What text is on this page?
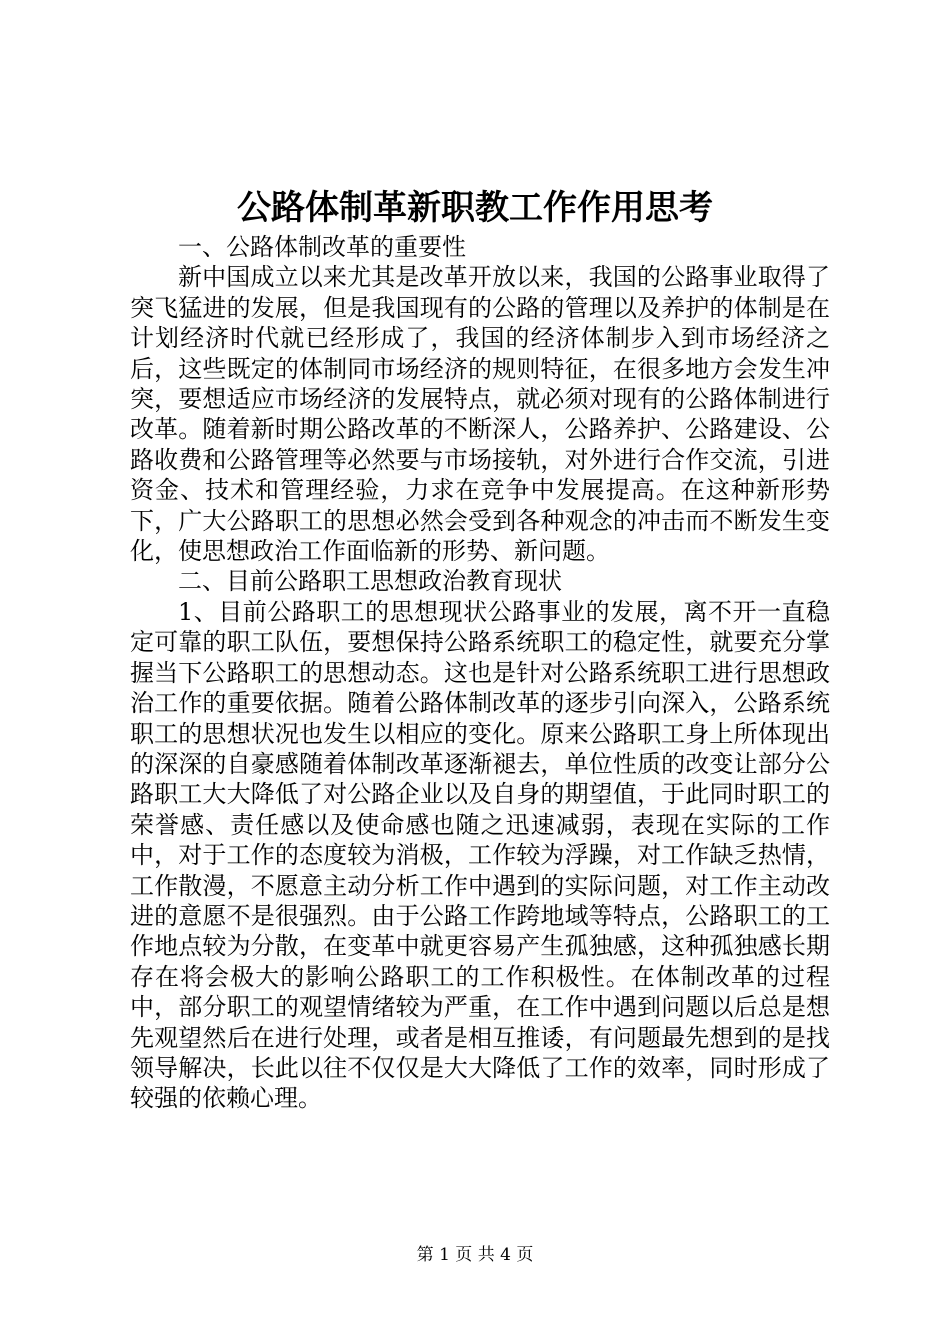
公路体制革新职教工作作用思考

一、公路体制改革的重要性

新中国成立以来尤其是改革开放以来，我国的公路事业取得了突飞猛进的发展，但是我国现有的公路的管理以及养护的体制是在计划经济时代就已经形成了，我国的经济体制步入到市场经济之后，这些既定的体制同市场经济的规则特征，在很多地方会发生冲突，要想适应市场经济的发展特点，就必须对现有的公路体制进行改革。随着新时期公路改革的不断深人，公路养护、公路建设、公路收费和公路管理等必然要与市场接轨，对外进行合作交流，引进资金、技术和管理经验，力求在竞争中发展提高。在这种新形势下，广大公路职工的思想必然会受到各种观念的冲击而不断发生变化，使思想政治工作面临新的形势、新问题。

二、目前公路职工思想政治教育现状

1、目前公路职工的思想现状公路事业的发展，离不开一直稳定可靠的职工队伍，要想保持公路系统职工的稳定性，就要充分掌握当下公路职工的思想动态。这也是针对公路系统职工进行思想政治工作的重要依据。随着公路体制改革的逐步引向深入，公路系统职工的思想状况也发生以相应的变化。原来公路职工身上所体现出的深深的自豪感随着体制改革逐渐褪去，单位性质的改变让部分公路职工大大降低了对公路企业以及自身的期望值，于此同时职工的荣誉感、责任感以及使命感也随之迅速减弱，表现在实际的工作中，对于工作的态度较为消极，工作较为浮躁，对工作缺乏热情，工作散漫，不愿意主动分析工作中遇到的实际问题，对工作主动改进的意愿不是很强烈。由于公路工作跨地域等特点，公路职工的工作地点较为分散，在变革中就更容易产生孤独感，这种孤独感长期存在将会极大的影响公路职工的工作积极性。在体制改革的过程中，部分职工的观望情绪较为严重，在工作中遇到问题以后总是想先观望然后在进行处理，或者是相互推诿，有问题最先想到的是找领导解决，长此以往不仅仅是大大降低了工作的效率，同时形成了较强的依赖心理。

第 1 页 共 4 页
